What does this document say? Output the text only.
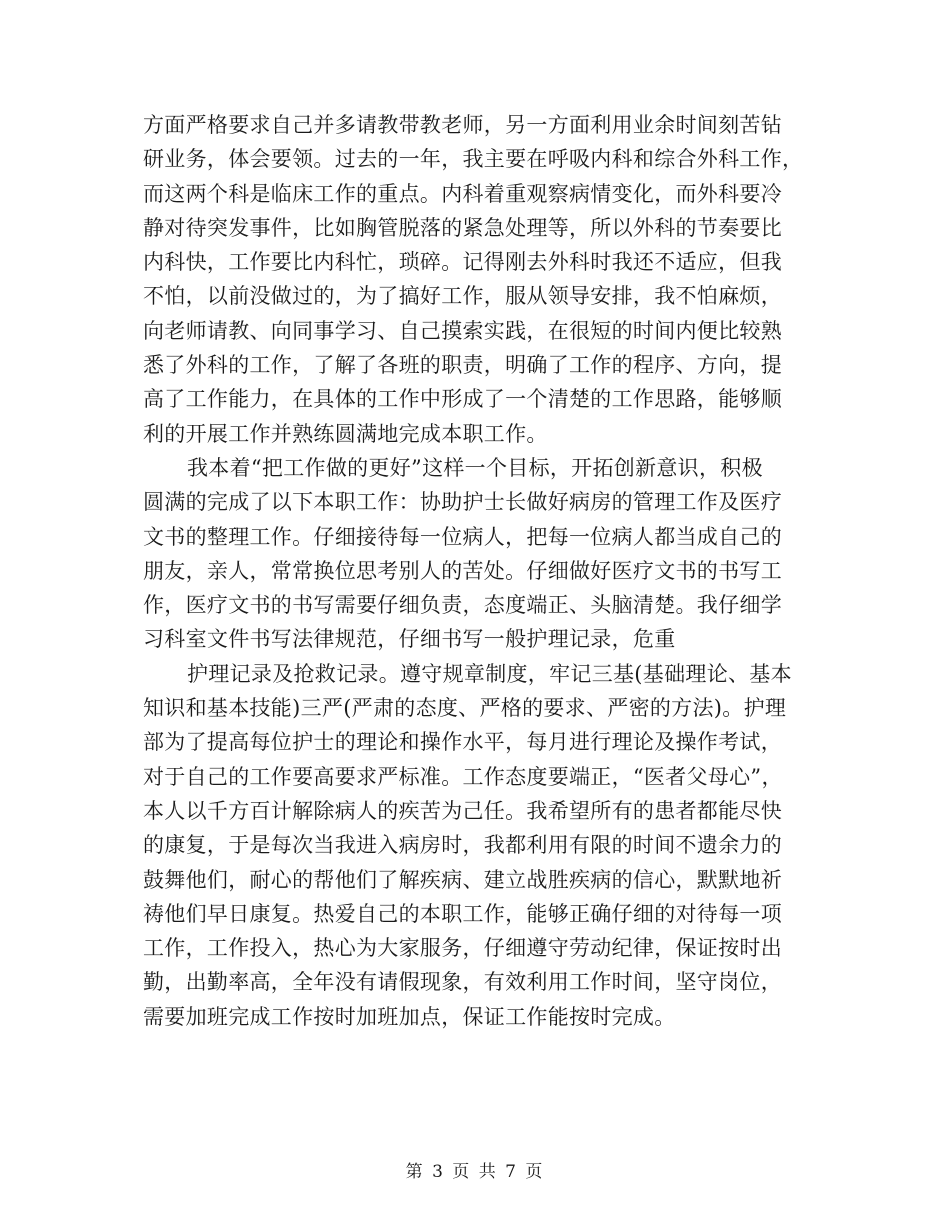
方面严格要求自己并多请教带教老师，另一方面利用业余时间刻苦钻
研业务，体会要领。过去的一年，我主要在呼吸内科和综合外科工作，
而这两个科是临床工作的重点。内科着重观察病情变化，而外科要冷
静对待突发事件，比如胸管脱落的紧急处理等，所以外科的节奏要比
内科快，工作要比内科忙，琐碎。记得刚去外科时我还不适应，但我
不怕，以前没做过的，为了搞好工作，服从领导安排，我不怕麻烦，
向老师请教、向同事学习、自己摸索实践，在很短的时间内便比较熟
悉了外科的工作，了解了各班的职责，明确了工作的程序、方向，提
高了工作能力，在具体的工作中形成了一个清楚的工作思路，能够顺
利的开展工作并熟练圆满地完成本职工作。
我本着“把工作做的更好”这样一个目标，开拓创新意识，积极
圆满的完成了以下本职工作：协助护士长做好病房的管理工作及医疗
文书的整理工作。仔细接待每一位病人，把每一位病人都当成自己的
朋友，亲人，常常换位思考别人的苦处。仔细做好医疗文书的书写工
作，医疗文书的书写需要仔细负责，态度端正、头脑清楚。我仔细学
习科室文件书写法律规范，仔细书写一般护理记录，危重
护理记录及抢救记录。遵守规章制度，牢记三基(基础理论、基本
知识和基本技能)三严(严肃的态度、严格的要求、严密的方法)。护理
部为了提高每位护士的理论和操作水平，每月进行理论及操作考试，
对于自己的工作要高要求严标准。工作态度要端正，“医者父母心”，
本人以千方百计解除病人的疾苦为己任。我希望所有的患者都能尽快
的康复，于是每次当我进入病房时，我都利用有限的时间不遗余力的
鼓舞他们，耐心的帮他们了解疾病、建立战胜疾病的信心，默默地祈
祷他们早日康复。热爱自己的本职工作，能够正确仔细的对待每一项
工作，工作投入，热心为大家服务，仔细遵守劳动纪律，保证按时出
勤，出勤率高，全年没有请假现象，有效利用工作时间，坚守岗位，
需要加班完成工作按时加班加点，保证工作能按时完成。
第 3 页 共 7 页
